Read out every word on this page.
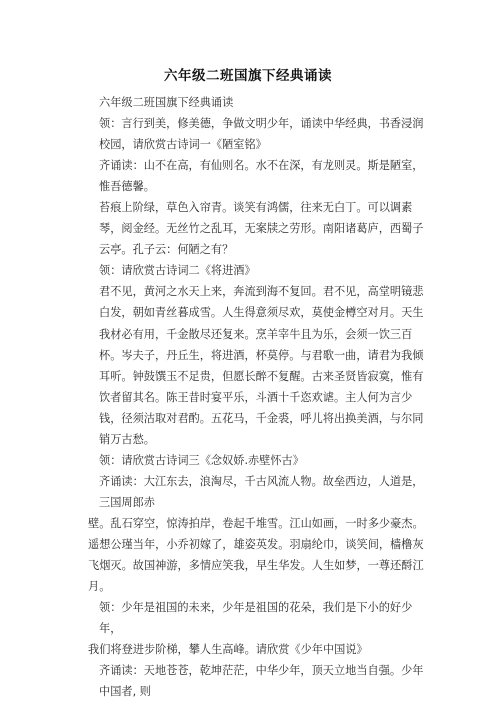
六年级二班国旗下经典诵读

六年级二班国旗下经典诵读

领：言行到美，修美德，争做文明少年，诵读中华经典，书香浸润校园，请欣赏古诗词一《陋室铭》

齐诵读：山不在高，有仙则名。水不在深，有龙则灵。斯是陋室，惟吾德馨。

苔痕上阶绿，草色入帘青。谈笑有鸿儒，往来无白丁。可以调素琴，阅金经。无丝竹之乱耳，无案牍之劳形。南阳诸葛庐，西蜀子云亭。孔子云：何陋之有？

领：请欣赏古诗词二《将进酒》

君不见，黄河之水天上来，奔流到海不复回。君不见，高堂明镜悲白发，朝如青丝暮成雪。人生得意须尽欢，莫使金樽空对月。天生我材必有用，千金散尽还复来。烹羊宰牛且为乐，会须一饮三百杯。岑夫子，丹丘生，将进酒，杯莫停。与君歌一曲，请君为我倾耳听。钟鼓馔玉不足贵，但愿长醉不复醒。古来圣贤皆寂寞，惟有饮者留其名。陈王昔时宴平乐，斗酒十千恣欢谑。主人何为言少钱，径须沽取对君酌。五花马，千金裘，呼儿将出换美酒，与尔同销万古愁。

领：请欣赏古诗词三《念奴娇.赤壁怀古》

齐诵读：大江东去，浪淘尽，千古风流人物。故垒西边，人道是，三国周郎赤

壁。乱石穿空，惊涛拍岸，卷起千堆雪。江山如画，一时多少豪杰。遥想公瑾当年，小乔初嫁了，雄姿英发。羽扇纶巾，谈笑间，樯橹灰飞烟灭。故国神游，多情应笑我，早生华发。人生如梦，一尊还酹江月。

领：少年是祖国的未来，少年是祖国的花朵，我们是下小的好少年，

我们将登进步阶梯，攀人生高峰。请欣赏《少年中国说》

齐诵读：天地苍苍，乾坤茫茫，中华少年，顶天立地当自强。少年中国者, 则
